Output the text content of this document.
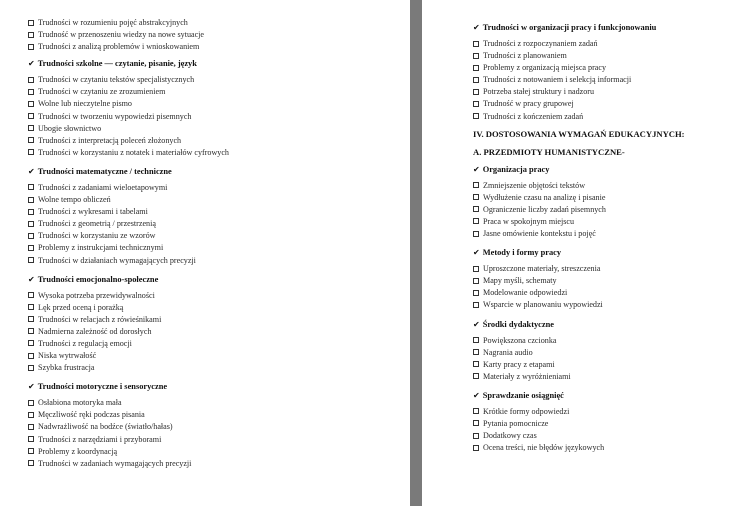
Trudności w rozumieniu pojęć abstrakcyjnych
Trudność w przenoszeniu wiedzy na nowe sytuacje
Trudności z analizą problemów i wnioskowaniem
✔ Trudności szkolne — czytanie, pisanie, język
Trudności w czytaniu tekstów specjalistycznych
Trudności w czytaniu ze zrozumieniem
Wolne lub nieczytelne pismo
Trudności w tworzeniu wypowiedzi pisemnych
Ubogie słownictwo
Trudności z interpretacją poleceń złożonych
Trudności w korzystaniu z notatek i materiałów cyfrowych
✔ Trudności matematyczne / techniczne
Trudności z zadaniami wieloetapowymi
Wolne tempo obliczeń
Trudności z wykresami i tabelami
Trudności z geometrią / przestrzenią
Trudności w korzystaniu ze wzorów
Problemy z instrukcjami technicznymi
Trudności w działaniach wymagających precyzji
✔ Trudności emocjonalno-społeczne
Wysoka potrzeba przewidywalności
Lęk przed oceną i porażką
Trudności w relacjach z rówieśnikami
Nadmierna zależność od dorosłych
Trudności z regulacją emocji
Niska wytrwałość
Szybka frustracja
✔ Trudności motoryczne i sensoryczne
Osłabiona motoryka mała
Męczliwość ręki podczas pisania
Nadwrażliwość na bodźce (światło/hałas)
Trudności z narzędziami i przyborami
Problemy z koordynacją
Trudności w zadaniach wymagających precyzji
✔ Trudności w organizacji pracy i funkcjonowaniu
Trudności z rozpoczynaniem zadań
Trudności z planowaniem
Problemy z organizacją miejsca pracy
Trudności z notowaniem i selekcją informacji
Potrzeba stałej struktury i nadzoru
Trudność w pracy grupowej
Trudności z kończeniem zadań
IV. DOSTOSOWANIA WYMAGAŃ EDUKACYJNYCH:
A. PRZEDMIOTY HUMANISTYCZNE-
✔ Organizacja pracy
Zmniejszenie objętości tekstów
Wydłużenie czasu na analizę i pisanie
Ograniczenie liczby zadań pisemnych
Praca w spokojnym miejscu
Jasne omówienie kontekstu i pojęć
✔ Metody i formy pracy
Uproszczone materiały, streszczenia
Mapy myśli, schematy
Modelowanie odpowiedzi
Wsparcie w planowaniu wypowiedzi
✔ Środki dydaktyczne
Powiększona czcionka
Nagrania audio
Karty pracy z etapami
Materiały z wyróżnieniami
✔ Sprawdzanie osiągnięć
Krótkie formy odpowiedzi
Pytania pomocnicze
Dodatkowy czas
Ocena treści, nie błędów językowych
